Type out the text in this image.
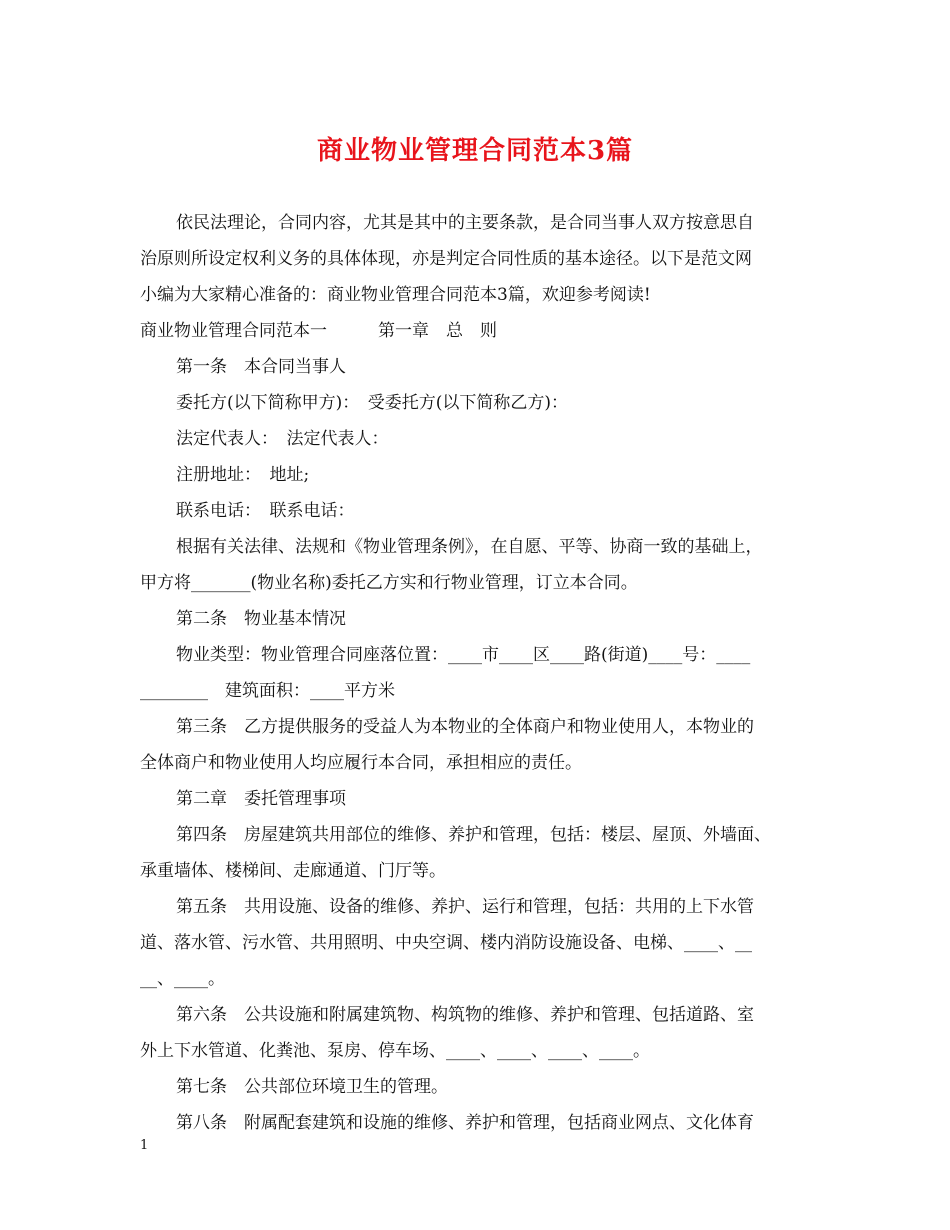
商业物业管理合同范本3篇
依民法理论，合同内容，尤其是其中的主要条款，是合同当事人双方按意思自
治原则所设定权利义务的具体体现，亦是判定合同性质的基本途径。以下是范文网
小编为大家精心准备的：商业物业管理合同范本3篇，欢迎参考阅读!
商业物业管理合同范本一　　　第一章　总　则
第一条　本合同当事人
委托方(以下简称甲方)：　受委托方(以下简称乙方)：
法定代表人：　法定代表人：
注册地址：　地址;
联系电话：　联系电话：
根据有关法律、法规和《物业管理条例》，在自愿、平等、协商一致的基础上，
甲方将_______(物业名称)委托乙方实和行物业管理，订立本合同。
第二条　物业基本情况
物业类型：物业管理合同座落位置：____市____区____路(街道)____号：____
________　建筑面积：____平方米
第三条　乙方提供服务的受益人为本物业的全体商户和物业使用人，本物业的
全体商户和物业使用人均应履行本合同，承担相应的责任。
第二章　委托管理事项
第四条　房屋建筑共用部位的维修、养护和管理，包括：楼层、屋顶、外墙面、
承重墙体、楼梯间、走廊通道、门厅等。
第五条　共用设施、设备的维修、养护、运行和管理，包括：共用的上下水管
道、落水管、污水管、共用照明、中央空调、楼内消防设施设备、电梯、____、__
__、____。
第六条　公共设施和附属建筑物、构筑物的维修、养护和管理、包括道路、室
外上下水管道、化粪池、泵房、停车场、____、____、____、____。
第七条　公共部位环境卫生的管理。
第八条　附属配套建筑和设施的维修、养护和管理，包括商业网点、文化体育
1
